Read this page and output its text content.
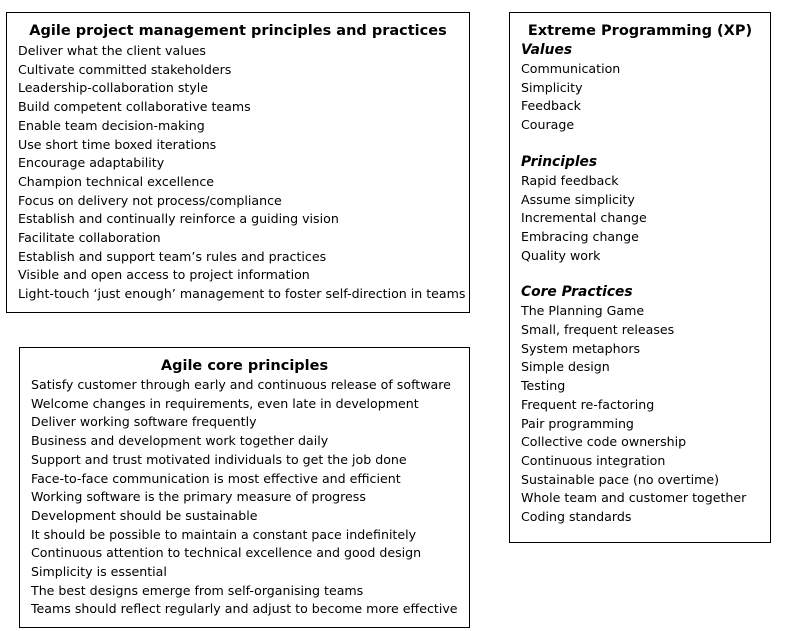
Agile project management principles and practices
Deliver what the client values
Cultivate committed stakeholders
Leadership-collaboration style
Build competent collaborative teams
Enable team decision-making
Use short time boxed iterations
Encourage adaptability
Champion technical excellence
Focus on delivery not process/compliance
Establish and continually reinforce a guiding vision
Facilitate collaboration
Establish and support team’s rules and practices
Visible and open access to project information
Light-touch ‘just enough’ management to foster self-direction in teams
Agile core principles
Satisfy customer through early and continuous release of software
Welcome changes in requirements, even late in development
Deliver working software frequently
Business and development work together daily
Support and trust motivated individuals to get the job done
Face-to-face communication is most effective and efficient
Working software is the primary measure of progress
Development should be sustainable
It should be possible to maintain a constant pace indefinitely
Continuous attention to technical excellence and good design
Simplicity is essential
The best designs emerge from self-organising teams
Teams should reflect regularly and adjust to become more effective
Extreme Programming (XP)
Values
Communication
Simplicity
Feedback
Courage
Principles
Rapid feedback
Assume simplicity
Incremental change
Embracing change
Quality work
Core Practices
The Planning Game
Small, frequent releases
System metaphors
Simple design
Testing
Frequent re-factoring
Pair programming
Collective code ownership
Continuous integration
Sustainable pace (no overtime)
Whole team and customer together
Coding standards
